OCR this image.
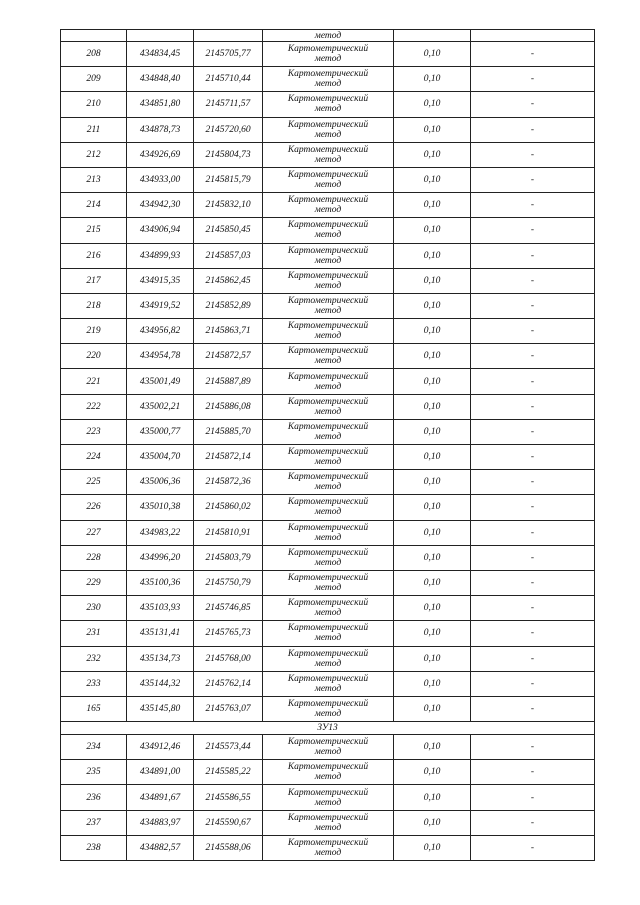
			метод		

208	434834,45	2145705,77	Картометрический
метод	0,10	-
209	434848,40	2145710,44	Картометрический
метод	0,10	-
210	434851,80	2145711,57	Картометрический
метод	0,10	-
211	434878,73	2145720,60	Картометрический
метод	0,10	-
212	434926,69	2145804,73	Картометрический
метод	0,10	-
213	434933,00	2145815,79	Картометрический
метод	0,10	-
214	434942,30	2145832,10	Картометрический
метод	0,10	-
215	434906,94	2145850,45	Картометрический
метод	0,10	-
216	434899,93	2145857,03	Картометрический
метод	0,10	-
217	434915,35	2145862,45	Картометрический
метод	0,10	-
218	434919,52	2145852,89	Картометрический
метод	0,10	-
219	434956,82	2145863,71	Картометрический
метод	0,10	-
220	434954,78	2145872,57	Картометрический
метод	0,10	-
221	435001,49	2145887,89	Картометрический
метод	0,10	-
222	435002,21	2145886,08	Картометрический
метод	0,10	-
223	435000,77	2145885,70	Картометрический
метод	0,10	-
224	435004,70	2145872,14	Картометрический
метод	0,10	-
225	435006,36	2145872,36	Картометрический
метод	0,10	-
226	435010,38	2145860,02	Картометрический
метод	0,10	-
227	434983,22	2145810,91	Картометрический
метод	0,10	-
228	434996,20	2145803,79	Картометрический
метод	0,10	-
229	435100,36	2145750,79	Картометрический
метод	0,10	-
230	435103,93	2145746,85	Картометрический
метод	0,10	-
231	435131,41	2145765,73	Картометрический
метод	0,10	-
232	435134,73	2145768,00	Картометрический
метод	0,10	-
233	435144,32	2145762,14	Картометрический
метод	0,10	-
165	435145,80	2145763,07	Картометрический
метод	0,10	-
ЗУ13					
234	434912,46	2145573,44	Картометрический
метод	0,10	-
235	434891,00	2145585,22	Картометрический
метод	0,10	-
236	434891,67	2145586,55	Картометрический
метод	0,10	-
237	434883,97	2145590,67	Картометрический
метод	0,10	-
238	434882,57	2145588,06	Картометрический
метод	0,10	-
